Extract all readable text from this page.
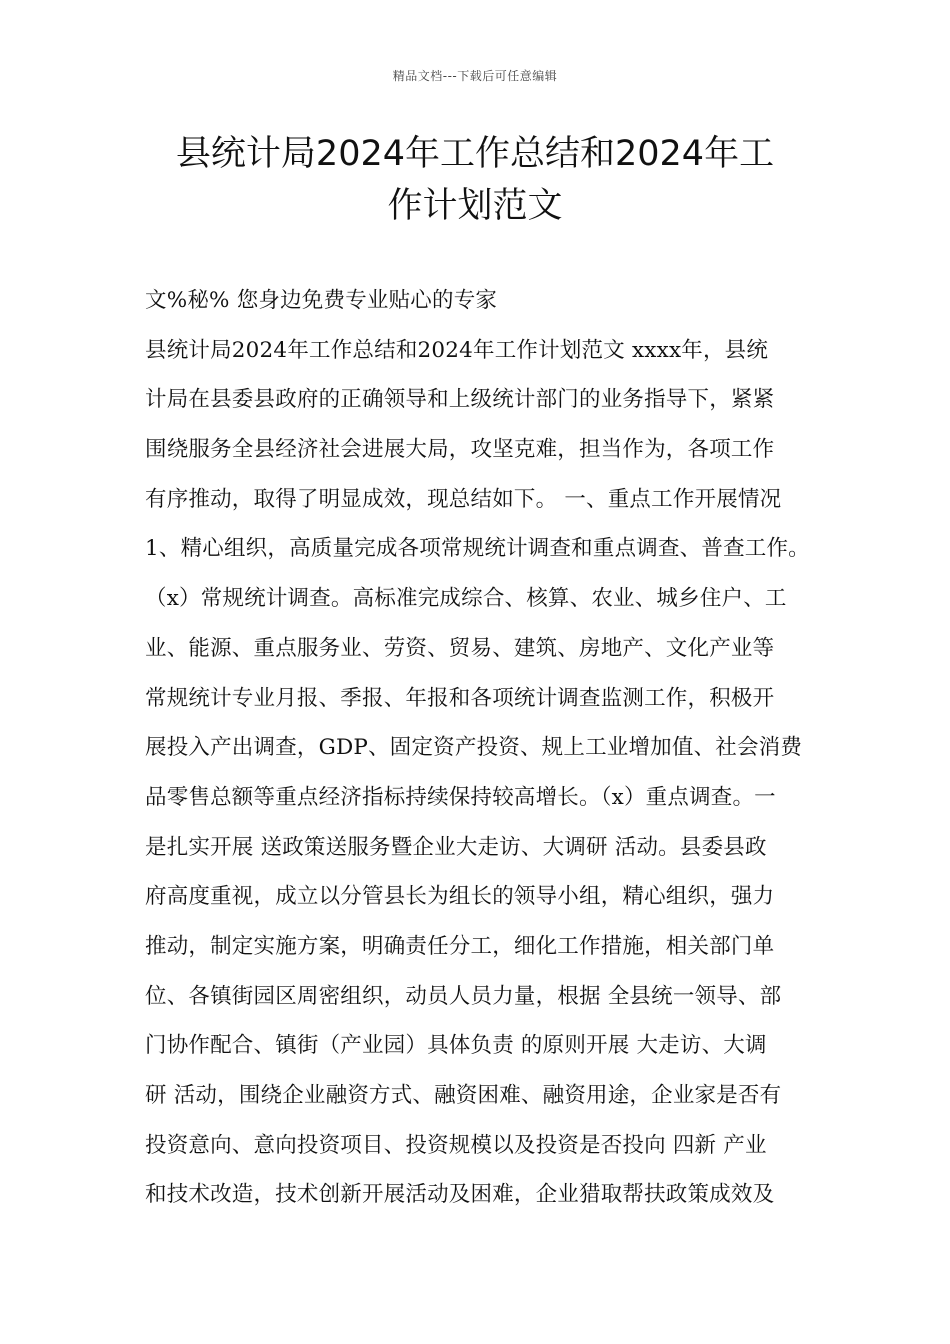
精品文档---下载后可任意编辑
县统计局2024年工作总结和2024年工
作计划范文
文%秘% 您身边免费专业贴心的专家
县统计局2024年工作总结和2024年工作计划范文 xxxx年，县统
计局在县委县政府的正确领导和上级统计部门的业务指导下，紧紧
围绕服务全县经济社会进展大局，攻坚克难，担当作为，各项工作
有序推动，取得了明显成效，现总结如下。 一、重点工作开展情况
1、精心组织，高质量完成各项常规统计调查和重点调查、普查工作。
（x）常规统计调查。高标准完成综合、核算、农业、城乡住户、工
业、能源、重点服务业、劳资、贸易、建筑、房地产、文化产业等
常规统计专业月报、季报、年报和各项统计调查监测工作，积极开
展投入产出调查，GDP、固定资产投资、规上工业增加值、社会消费
品零售总额等重点经济指标持续保持较高增长。（x）重点调查。一
是扎实开展 送政策送服务暨企业大走访、大调研 活动。县委县政
府高度重视，成立以分管县长为组长的领导小组，精心组织，强力
推动，制定实施方案，明确责任分工，细化工作措施，相关部门单
位、各镇街园区周密组织，动员人员力量，根据 全县统一领导、部
门协作配合、镇街（产业园）具体负责 的原则开展 大走访、大调
研 活动，围绕企业融资方式、融资困难、融资用途，企业家是否有
投资意向、意向投资项目、投资规模以及投资是否投向 四新 产业
和技术改造，技术创新开展活动及困难，企业猎取帮扶政策成效及
